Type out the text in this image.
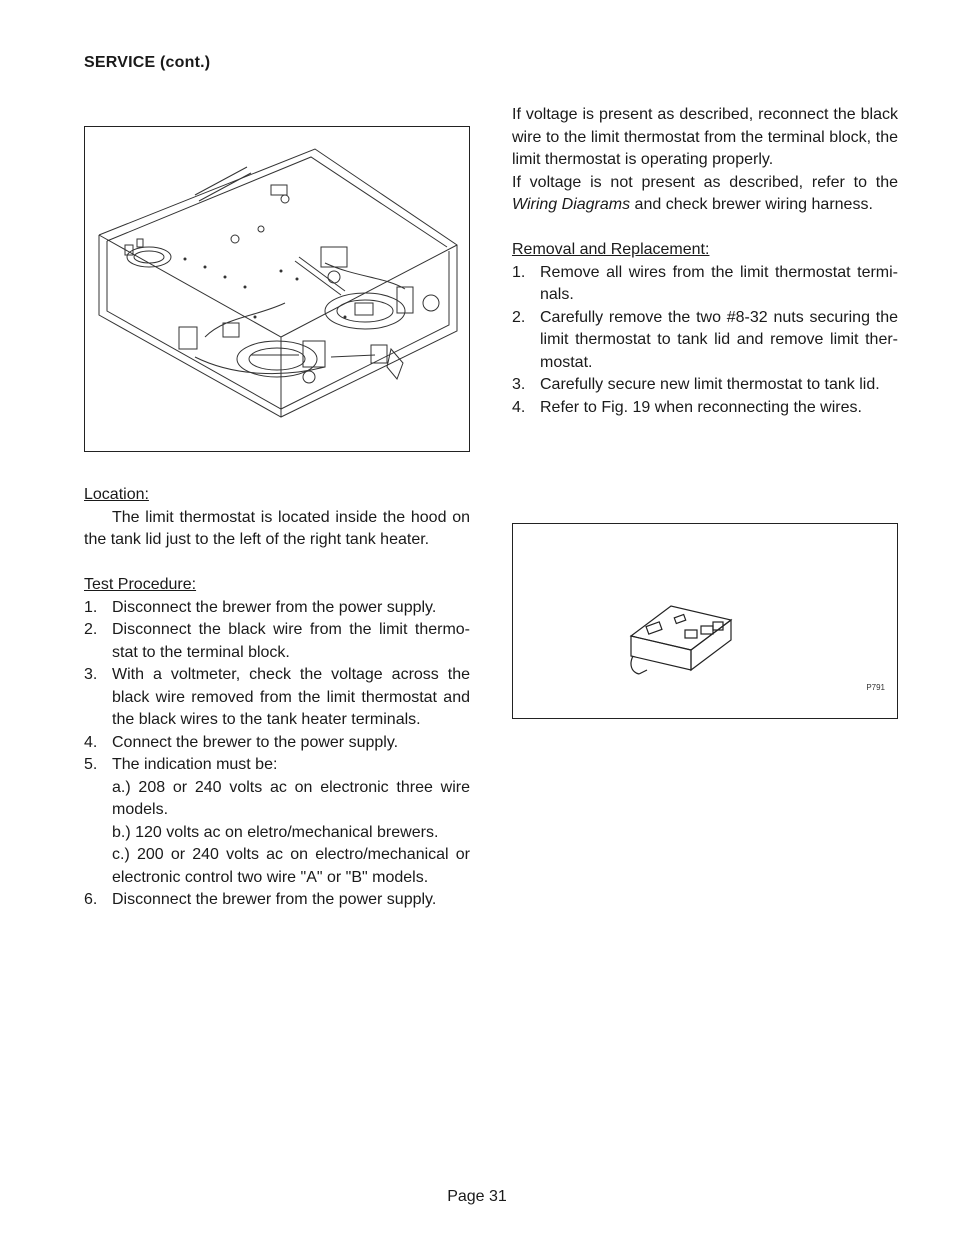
SERVICE (cont.)

Location:

The limit thermostat is located inside the hood on the tank lid just to the left of the right tank heater.

Test Procedure:

1. Disconnect the brewer from the power supply.
2. Disconnect the black wire from the limit thermo-stat to the terminal block.
3. With a voltmeter, check the voltage across the black wire removed from the limit thermostat and the black wires to the tank heater terminals.
4. Connect the brewer to the power supply.
5. The indication must be:
a.) 208 or 240 volts ac on electronic three wire models.
b.) 120 volts ac on eletro/mechanical brewers.
c.) 200 or 240 volts ac on electro/mechanical or electronic control two wire "A" or "B" models.
6. Disconnect the brewer from the power supply.

If voltage is present as described, reconnect the black wire to the limit thermostat from the terminal block, the limit thermostat is operating properly.

If voltage is not present as described, refer to the Wiring Diagrams and check brewer wiring harness.

Removal and Replacement:

1. Remove all wires from the limit thermostat termi-nals.
2. Carefully remove the two #8-32 nuts securing the limit thermostat to tank lid and remove limit ther-mostat.
3. Carefully secure new limit thermostat to tank lid.
4. Refer to Fig. 19 when reconnecting the wires.
P791
Page 31
